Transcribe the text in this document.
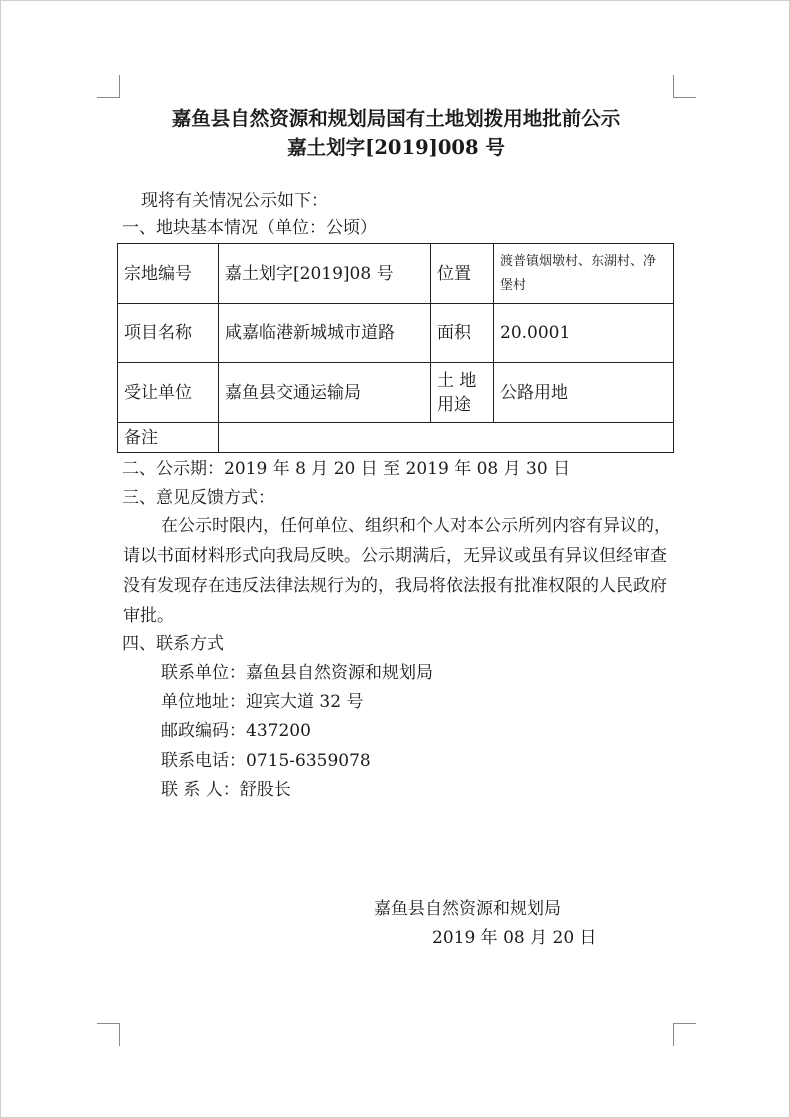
嘉鱼县自然资源和规划局国有土地划拨用地批前公示
嘉土划字[2019]008 号
现将有关情况公示如下：
一、地块基本情况（单位：公顷）
宗地编号	嘉土划字[2019]08 号	位置	渡普镇烟墩村、东湖村、净堡村
项目名称	咸嘉临港新城城市道路	面积	20.0001
受让单位	嘉鱼县交通运输局	土 地 用途	公路用地
备注			
二、公示期：2019 年 8 月 20 日 至 2019 年 08 月 30 日
三、意见反馈方式：
在公示时限内，任何单位、组织和个人对本公示所列内容有异议的，请以书面材料形式向我局反映。公示期满后，无异议或虽有异议但经审查没有发现存在违反法律法规行为的，我局将依法报有批准权限的人民政府审批。
四、联系方式
联系单位：嘉鱼县自然资源和规划局
单位地址：迎宾大道 32 号
邮政编码：437200
联系电话：0715-6359078
联 系 人：舒股长
嘉鱼县自然资源和规划局
2019 年 08 月 20 日
